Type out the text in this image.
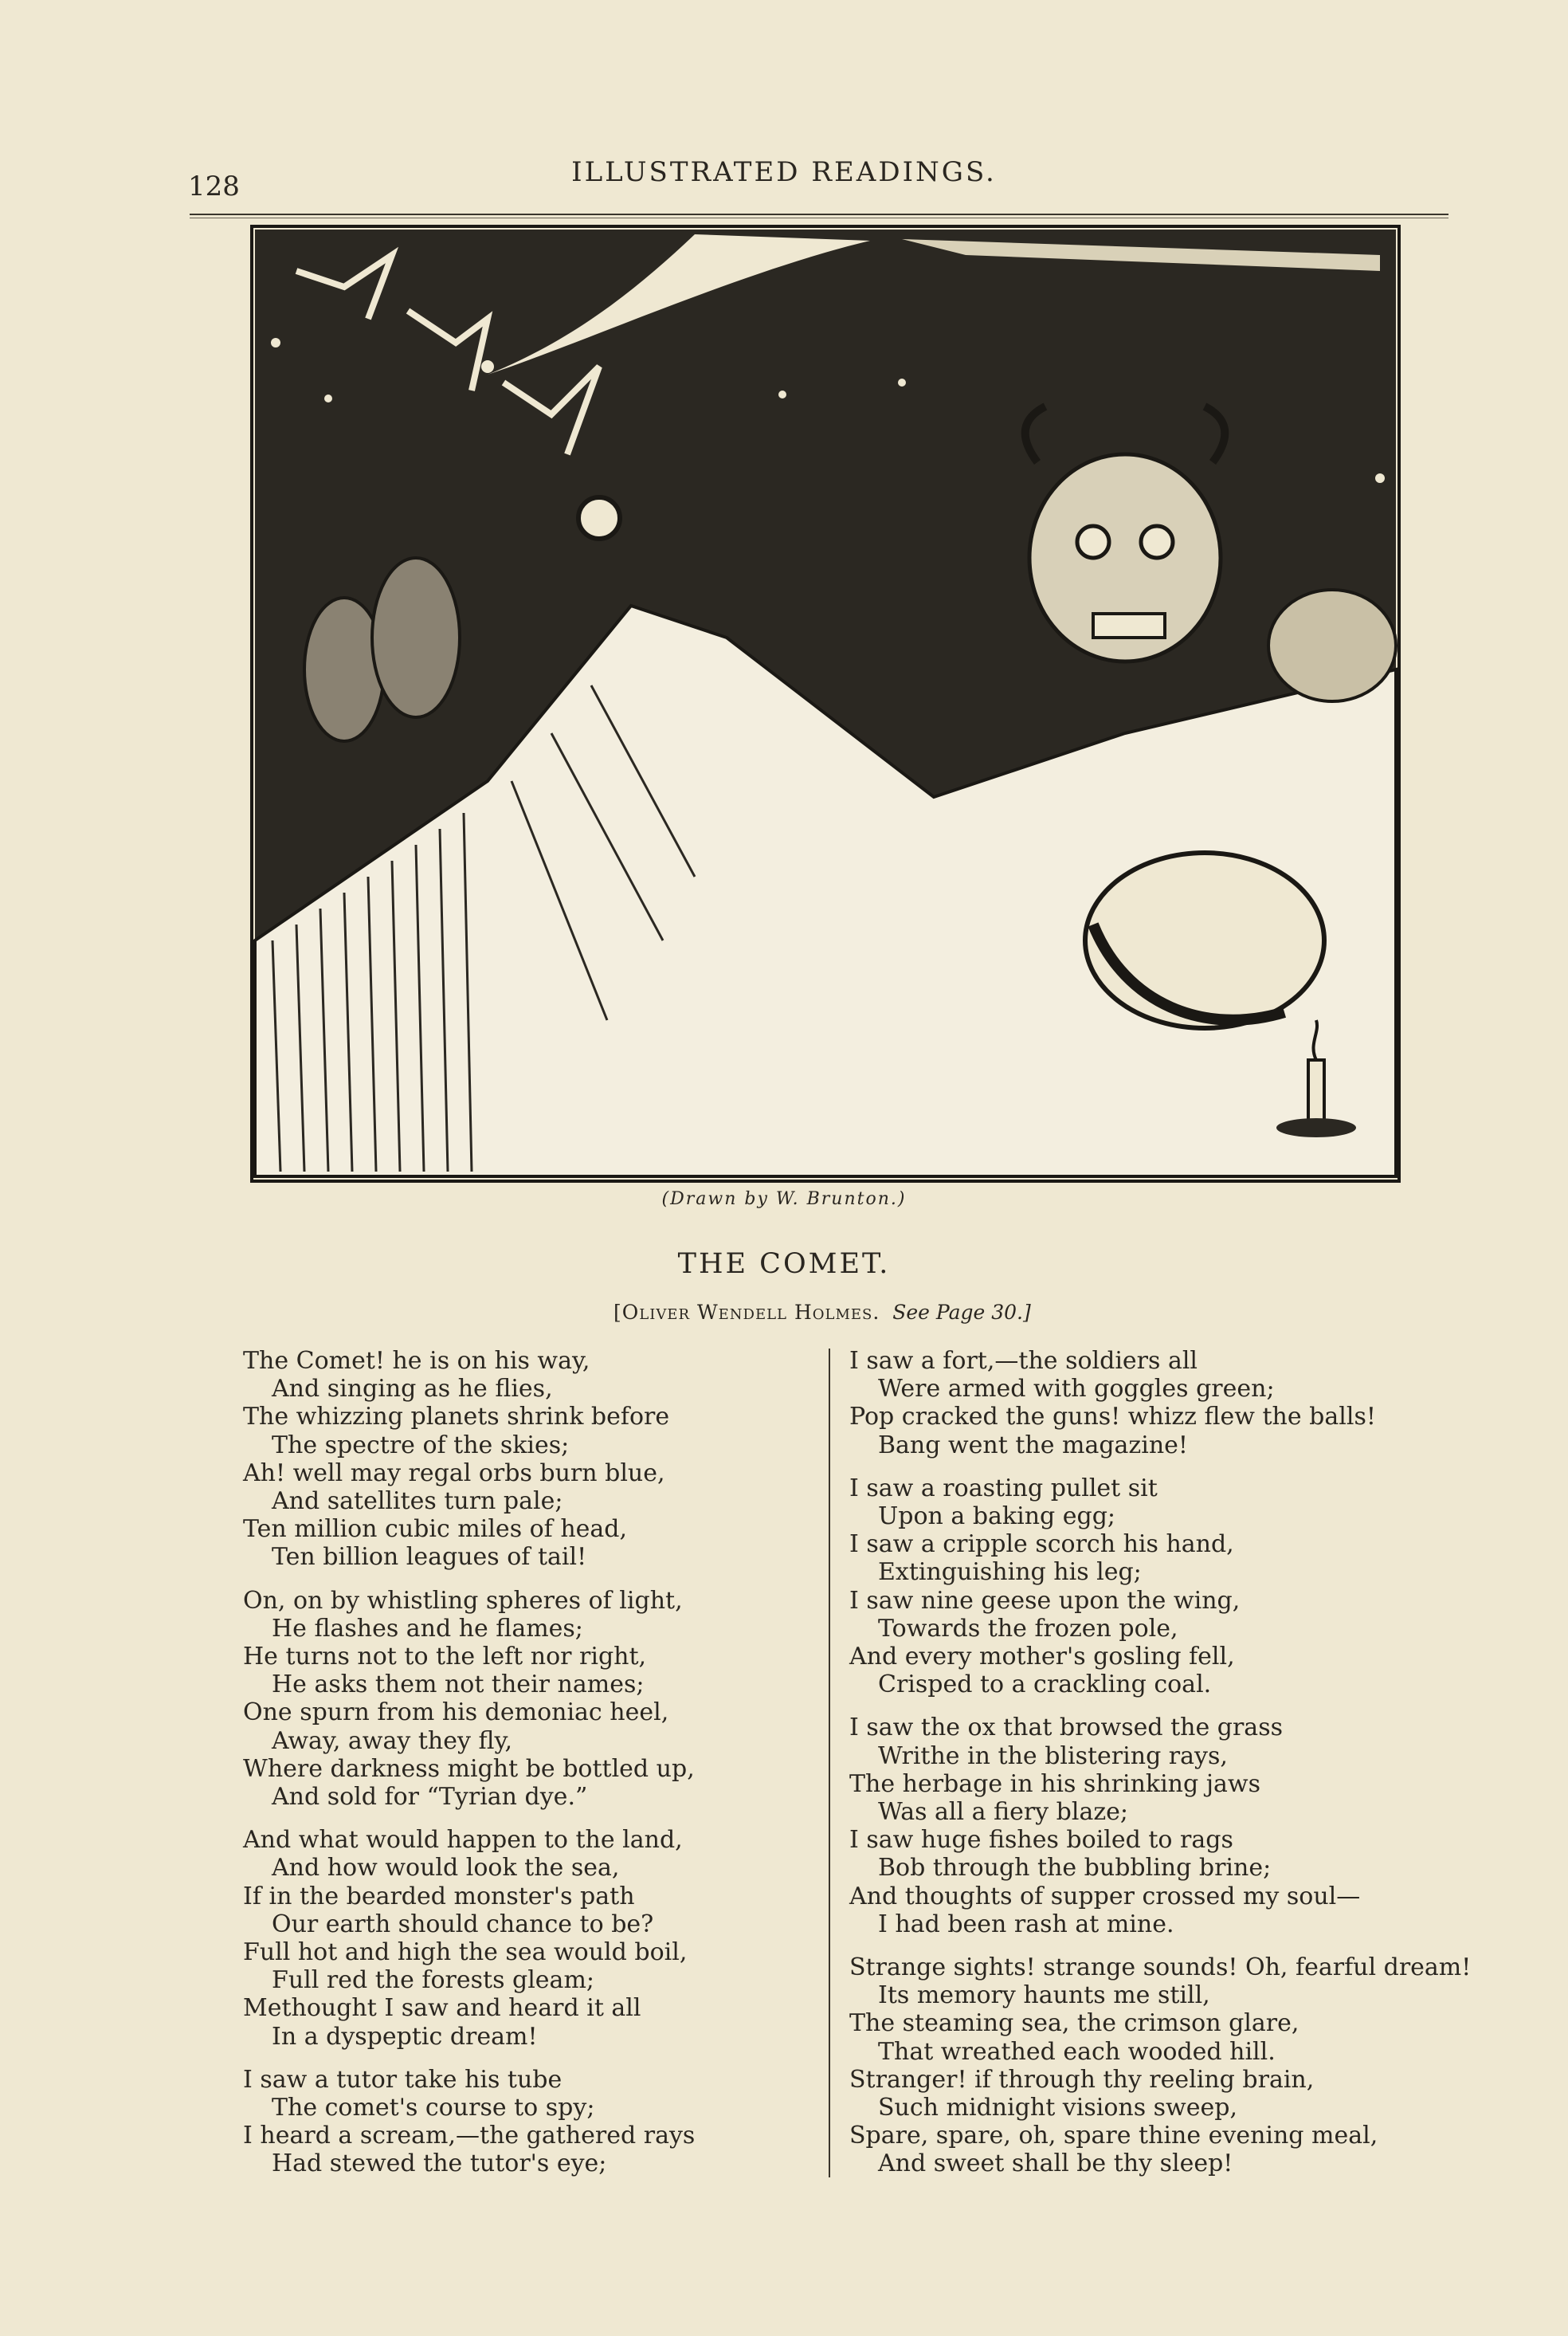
128	ILLUSTRATED READINGS.
(Drawn by W. Brunton.)
THE COMET.
[Oliver Wendell Holmes. See Page 30.]
The Comet! he is on his way,
And singing as he flies,
The whizzing planets shrink before
The spectre of the skies;
Ah! well may regal orbs burn blue,
And satellites turn pale;
Ten million cubic miles of head,
Ten billion leagues of tail!
On, on by whistling spheres of light,
He flashes and he flames;
He turns not to the left nor right,
He asks them not their names;
One spurn from his demoniac heel,
Away, away they fly,
Where darkness might be bottled up,
And sold for “Tyrian dye.”
And what would happen to the land,
And how would look the sea,
If in the bearded monster's path
Our earth should chance to be?
Full hot and high the sea would boil,
Full red the forests gleam;
Methought I saw and heard it all
In a dyspeptic dream!
I saw a tutor take his tube
The comet's course to spy;
I heard a scream,—the gathered rays
Had stewed the tutor's eye;
I saw a fort,—the soldiers all
Were armed with goggles green;
Pop cracked the guns! whizz flew the balls!
Bang went the magazine!
I saw a roasting pullet sit
Upon a baking egg;
I saw a cripple scorch his hand,
Extinguishing his leg;
I saw nine geese upon the wing,
Towards the frozen pole,
And every mother's gosling fell,
Crisped to a crackling coal.
I saw the ox that browsed the grass
Writhe in the blistering rays,
The herbage in his shrinking jaws
Was all a fiery blaze;
I saw huge fishes boiled to rags
Bob through the bubbling brine;
And thoughts of supper crossed my soul—
I had been rash at mine.
Strange sights! strange sounds! Oh, fearful dream!
Its memory haunts me still,
The steaming sea, the crimson glare,
That wreathed each wooded hill.
Stranger! if through thy reeling brain,
Such midnight visions sweep,
Spare, spare, oh, spare thine evening meal,
And sweet shall be thy sleep!
